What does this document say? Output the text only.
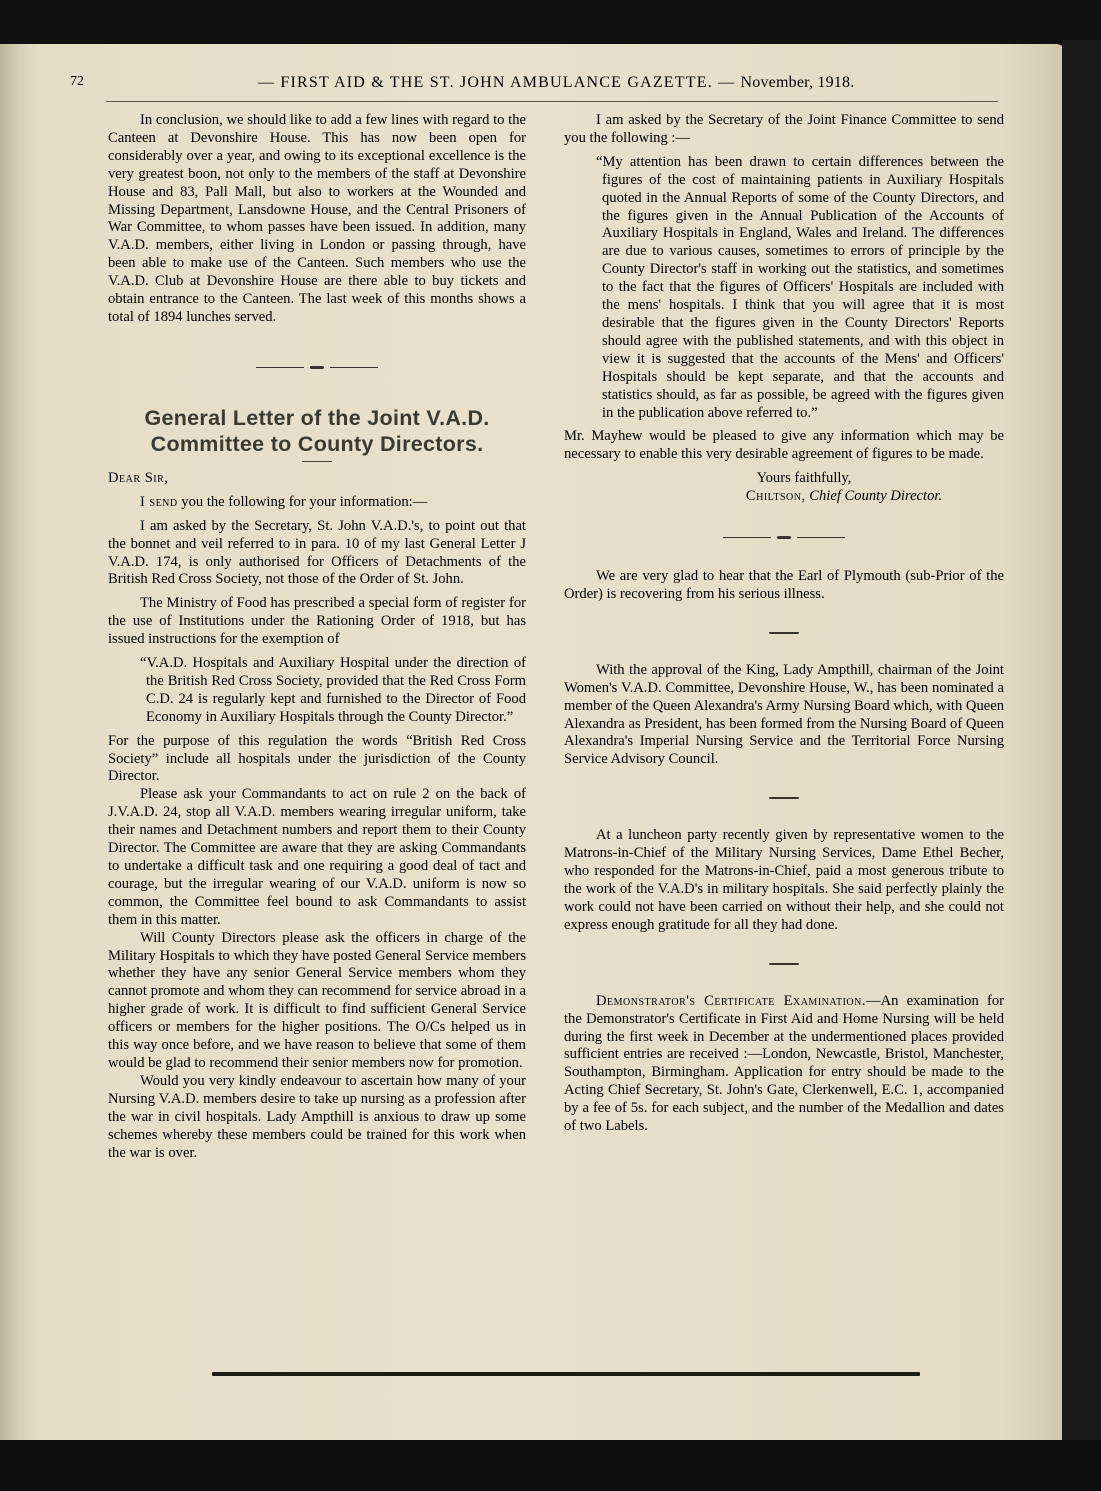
72	— FIRST AID & THE ST. JOHN AMBULANCE GAZETTE. — November, 1918.

In conclusion, we should like to add a few lines with regard to the Canteen at Devonshire House. This has now been open for considerably over a year, and owing to its exceptional excellence is the very greatest boon, not only to the members of the staff at Devonshire House and 83, Pall Mall, but also to workers at the Wounded and Missing Department, Lansdowne House, and the Central Prisoners of War Committee, to whom passes have been issued. In addition, many V.A.D. members, either living in London or passing through, have been able to make use of the Canteen. Such members who use the V.A.D. Club at Devonshire House are there able to buy tickets and obtain entrance to the Canteen. The last week of this months shows a total of 1894 lunches served.

General Letter of the Joint V.A.D. Committee to County Directors.

Dear Sir,

I send you the following for your information:—

I am asked by the Secretary, St. John V.A.D.'s, to point out that the bonnet and veil referred to in para. 10 of my last General Letter J V.A.D. 174, is only authorised for Officers of Detachments of the British Red Cross Society, not those of the Order of St. John.

The Ministry of Food has prescribed a special form of register for the use of Institutions under the Rationing Order of 1918, but has issued instructions for the exemption of

“V.A.D. Hospitals and Auxiliary Hospital under the direction of the British Red Cross Society, provided that the Red Cross Form C.D. 24 is regularly kept and furnished to the Director of Food Economy in Auxiliary Hospitals through the County Director.”

For the purpose of this regulation the words “British Red Cross Society” include all hospitals under the jurisdiction of the County Director.

Please ask your Commandants to act on rule 2 on the back of J.V.A.D. 24, stop all V.A.D. members wearing irregular uniform, take their names and Detachment numbers and report them to their County Director. The Committee are aware that they are asking Commandants to undertake a difficult task and one requiring a good deal of tact and courage, but the irregular wearing of our V.A.D. uniform is now so common, the Committee feel bound to ask Commandants to assist them in this matter.

Will County Directors please ask the officers in charge of the Military Hospitals to which they have posted General Service members whether they have any senior General Service members whom they cannot promote and whom they can recommend for service abroad in a higher grade of work. It is difficult to find sufficient General Service officers or members for the higher positions. The O/Cs helped us in this way once before, and we have reason to believe that some of them would be glad to recommend their senior members now for promotion.

Would you very kindly endeavour to ascertain how many of your Nursing V.A.D. members desire to take up nursing as a profession after the war in civil hospitals. Lady Ampthill is anxious to draw up some schemes whereby these members could be trained for this work when the war is over.

I am asked by the Secretary of the Joint Finance Committee to send you the following :—

“My attention has been drawn to certain differences between the figures of the cost of maintaining patients in Auxiliary Hospitals quoted in the Annual Reports of some of the County Directors, and the figures given in the Annual Publication of the Accounts of Auxiliary Hospitals in England, Wales and Ireland. The differences are due to various causes, sometimes to errors of principle by the County Director's staff in working out the statistics, and sometimes to the fact that the figures of Officers' Hospitals are included with the mens' hospitals. I think that you will agree that it is most desirable that the figures given in the County Directors' Reports should agree with the published statements, and with this object in view it is suggested that the accounts of the Mens' and Officers' Hospitals should be kept separate, and that the accounts and statistics should, as far as possible, be agreed with the figures given in the publication above referred to.”

Mr. Mayhew would be pleased to give any information which may be necessary to enable this very desirable agreement of figures to be made.

Yours faithfully,

Chiltson, Chief County Director.

We are very glad to hear that the Earl of Plymouth (sub-Prior of the Order) is recovering from his serious illness.

With the approval of the King, Lady Ampthill, chairman of the Joint Women's V.A.D. Committee, Devonshire House, W., has been nominated a member of the Queen Alexandra's Army Nursing Board which, with Queen Alexandra as President, has been formed from the Nursing Board of Queen Alexandra's Imperial Nursing Service and the Territorial Force Nursing Service Advisory Council.

At a luncheon party recently given by representative women to the Matrons-in-Chief of the Military Nursing Services, Dame Ethel Becher, who responded for the Matrons-in-Chief, paid a most generous tribute to the work of the V.A.D's in military hospitals. She said perfectly plainly the work could not have been carried on without their help, and she could not express enough gratitude for all they had done.

Demonstrator's Certificate Examination.—An examination for the Demonstrator's Certificate in First Aid and Home Nursing will be held during the first week in December at the undermentioned places provided sufficient entries are received :—London, Newcastle, Bristol, Manchester, Southampton, Birmingham. Application for entry should be made to the Acting Chief Secretary, St. John's Gate, Clerkenwell, E.C. 1, accompanied by a fee of 5s. for each subject, and the number of the Medallion and dates of two Labels.
